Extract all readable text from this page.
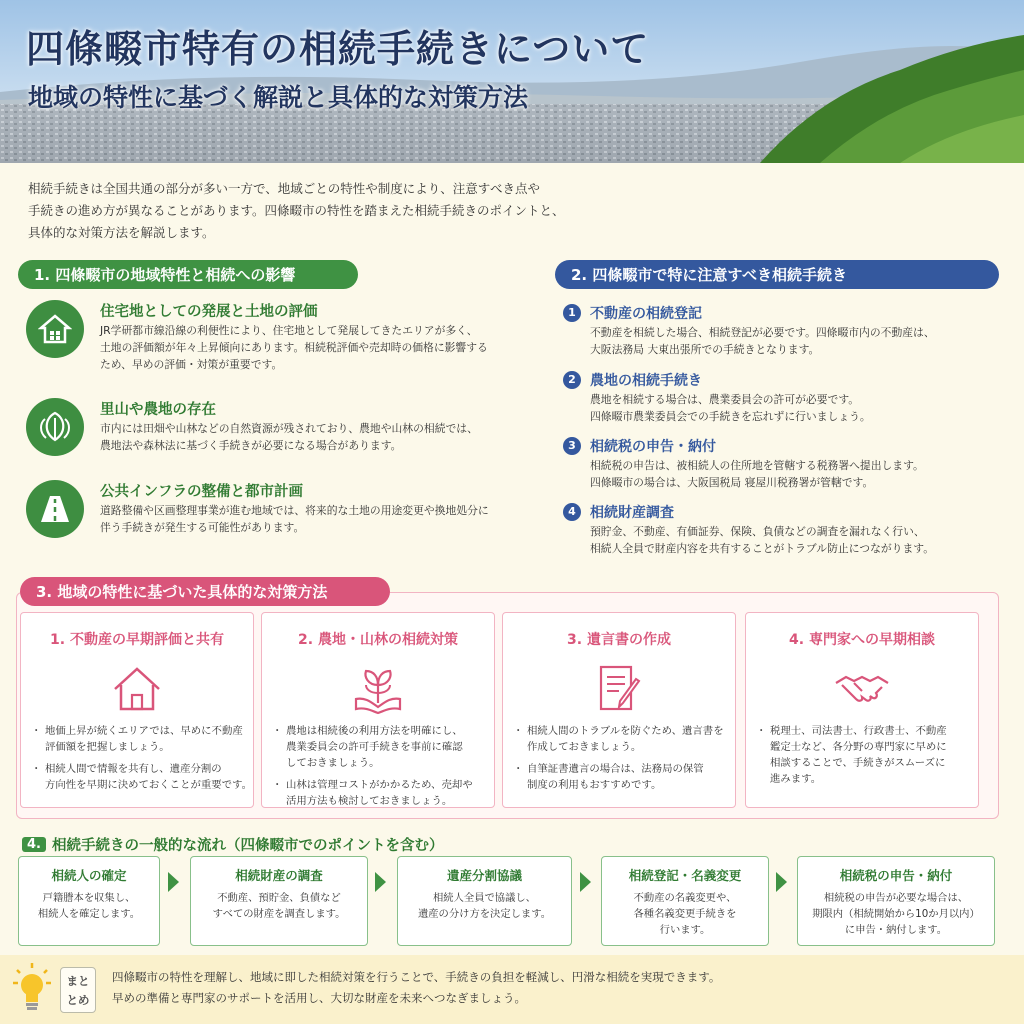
四條畷市特有の相続手続きについて
地域の特性に基づく解説と具体的な対策方法

相続手続きは全国共通の部分が多い一方で、地域ごとの特性や制度により、注意すべき点や

手続きの進め方が異なることがあります。四條畷市の特性を踏まえた相続手続きのポイントと、

具体的な対策方法を解説します。

1. 四條畷市の地域特性と相続への影響
住宅地としての発展と土地の評価

JR学研都市線沿線の利便性により、住宅地として発展してきたエリアが多く、

土地の評価額が年々上昇傾向にあります。相続税評価や売却時の価格に影響する

ため、早めの評価・対策が重要です。

里山や農地の存在

市内には田畑や山林などの自然資源が残されており、農地や山林の相続では、

農地法や森林法に基づく手続きが必要になる場合があります。

公共インフラの整備と都市計画

道路整備や区画整理事業が進む地域では、将来的な土地の用途変更や換地処分に

伴う手続きが発生する可能性があります。

2. 四條畷市で特に注意すべき相続手続き
1	不動産の相続登記

不動産を相続した場合、相続登記が必要です。四條畷市内の不動産は、

大阪法務局 大東出張所での手続きとなります。

2	農地の相続手続き

農地を相続する場合は、農業委員会の許可が必要です。

四條畷市農業委員会での手続きを忘れずに行いましょう。

3	相続税の申告・納付

相続税の申告は、被相続人の住所地を管轄する税務署へ提出します。

四條畷市の場合は、大阪国税局 寝屋川税務署が管轄です。

4	相続財産調査

預貯金、不動産、有価証券、保険、負債などの調査を漏れなく行い、

相続人全員で財産内容を共有することがトラブル防止につながります。

3. 地域の特性に基づいた具体的な対策方法
1. 不動産の早期評価と共有
・ 地価上昇が続くエリアでは、早めに不動産
評価額を把握しましょう。
・ 相続人間で情報を共有し、遺産分割の
方向性を早期に決めておくことが重要です。
2. 農地・山林の相続対策
・ 農地は相続後の利用方法を明確にし、
農業委員会の許可手続きを事前に確認
しておきましょう。
・ 山林は管理コストがかかるため、売却や
活用方法も検討しておきましょう。
3. 遺言書の作成
・ 相続人間のトラブルを防ぐため、遺言書を
作成しておきましょう。
・ 自筆証書遺言の場合は、法務局の保管
制度の利用もおすすめです。
4. 専門家への早期相談
・ 税理士、司法書士、行政書士、不動産
鑑定士など、各分野の専門家に早めに
相談することで、手続きがスムーズに
進みます。
4. 相続手続きの一般的な流れ（四條畷市でのポイントを含む）
相続人の確定

戸籍謄本を収集し、

相続人を確定します。

相続財産の調査

不動産、預貯金、負債など

すべての財産を調査します。

遺産分割協議

相続人全員で協議し、

遺産の分け方を決定します。

相続登記・名義変更

不動産の名義変更や、

各種名義変更手続きを

行います。

相続税の申告・納付

相続税の申告が必要な場合は、

期限内（相続開始から10か月以内）

に申告・納付します。

まと
とめ

四條畷市の特性を理解し、地域に即した相続対策を行うことで、手続きの負担を軽減し、円滑な相続を実現できます。

早めの準備と専門家のサポートを活用し、大切な財産を未来へつなぎましょう。
